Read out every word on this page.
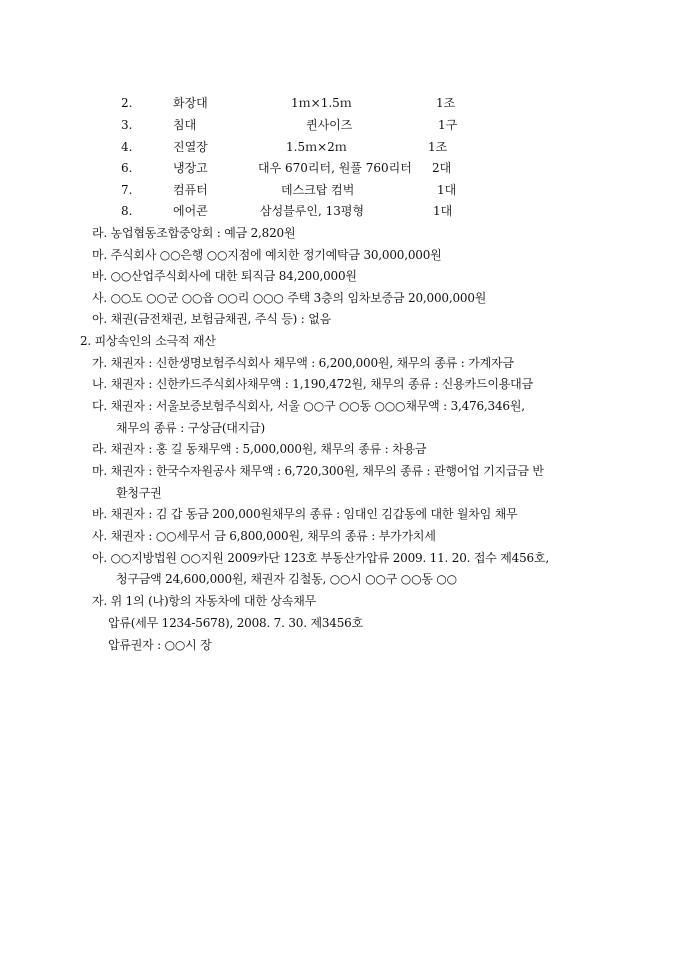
2.	화장대	1ｍ×1.5ｍ	1조
3.	침대	퀸사이즈	1구
4.	진열장	1.5ｍ×2ｍ	1조
6.	냉장고	대우 670리터, 원풀 760리터 2대
7.	컴퓨터	데스크탑 컴벅	1대
8.	에어콘	삼성블루인, 13평형	1대
라. 농업협동조합중앙회 : 예금 2,820원
마. 주식회사 ○○은행 ○○지점에 예치한 정기예탁금 30,000,000원
바. ○○산업주식회사에 대한 퇴직금 84,200,000원
사. ○○도 ○○군 ○○읍 ○○리 ○○○ 주택 3층의 임차보증금 20,000,000원
아. 채권(금전채권, 보험금채권, 주식 등) : 없음
2. 피상속인의 소극적 재산
가. 채권자 : 신한생명보험주식회사 채무액 : 6,200,000원, 채무의 종류 : 가계자금
나. 채권자 : 신한카드주식회사채무액 : 1,190,472원, 채무의 종류 : 신용카드이용대금
다. 채권자 : 서울보증보험주식회사, 서울 ○○구 ○○동 ○○○채무액 : 3,476,346원,
채무의 종류 : 구상금(대지급)
라. 채권자 : 홍 길 동채무액 : 5,000,000원, 채무의 종류 : 차용금
마. 채권자 : 한국수자원공사 채무액 : 6,720,300원, 채무의 종류 : 관행어업 기지급금 반
환청구권
바. 채권자 : 김 갑 동금 200,000원채무의 종류 : 임대인 김갑동에 대한 월차임 채무
사. 채권자 : ○○세무서 금 6,800,000원, 채무의 종류 : 부가가치세
아. ○○지방법원 ○○지원 2009카단 123호 부동산가압류 2009. 11. 20. 접수 제456호,
청구금액 24,600,000원, 채권자 김철동, ○○시 ○○구 ○○동 ○○
자. 위 1의 (나)항의 자동차에 대한 상속채무
압류(세무 1234-5678), 2008. 7. 30. 제3456호
압류권자 : ○○시 장
